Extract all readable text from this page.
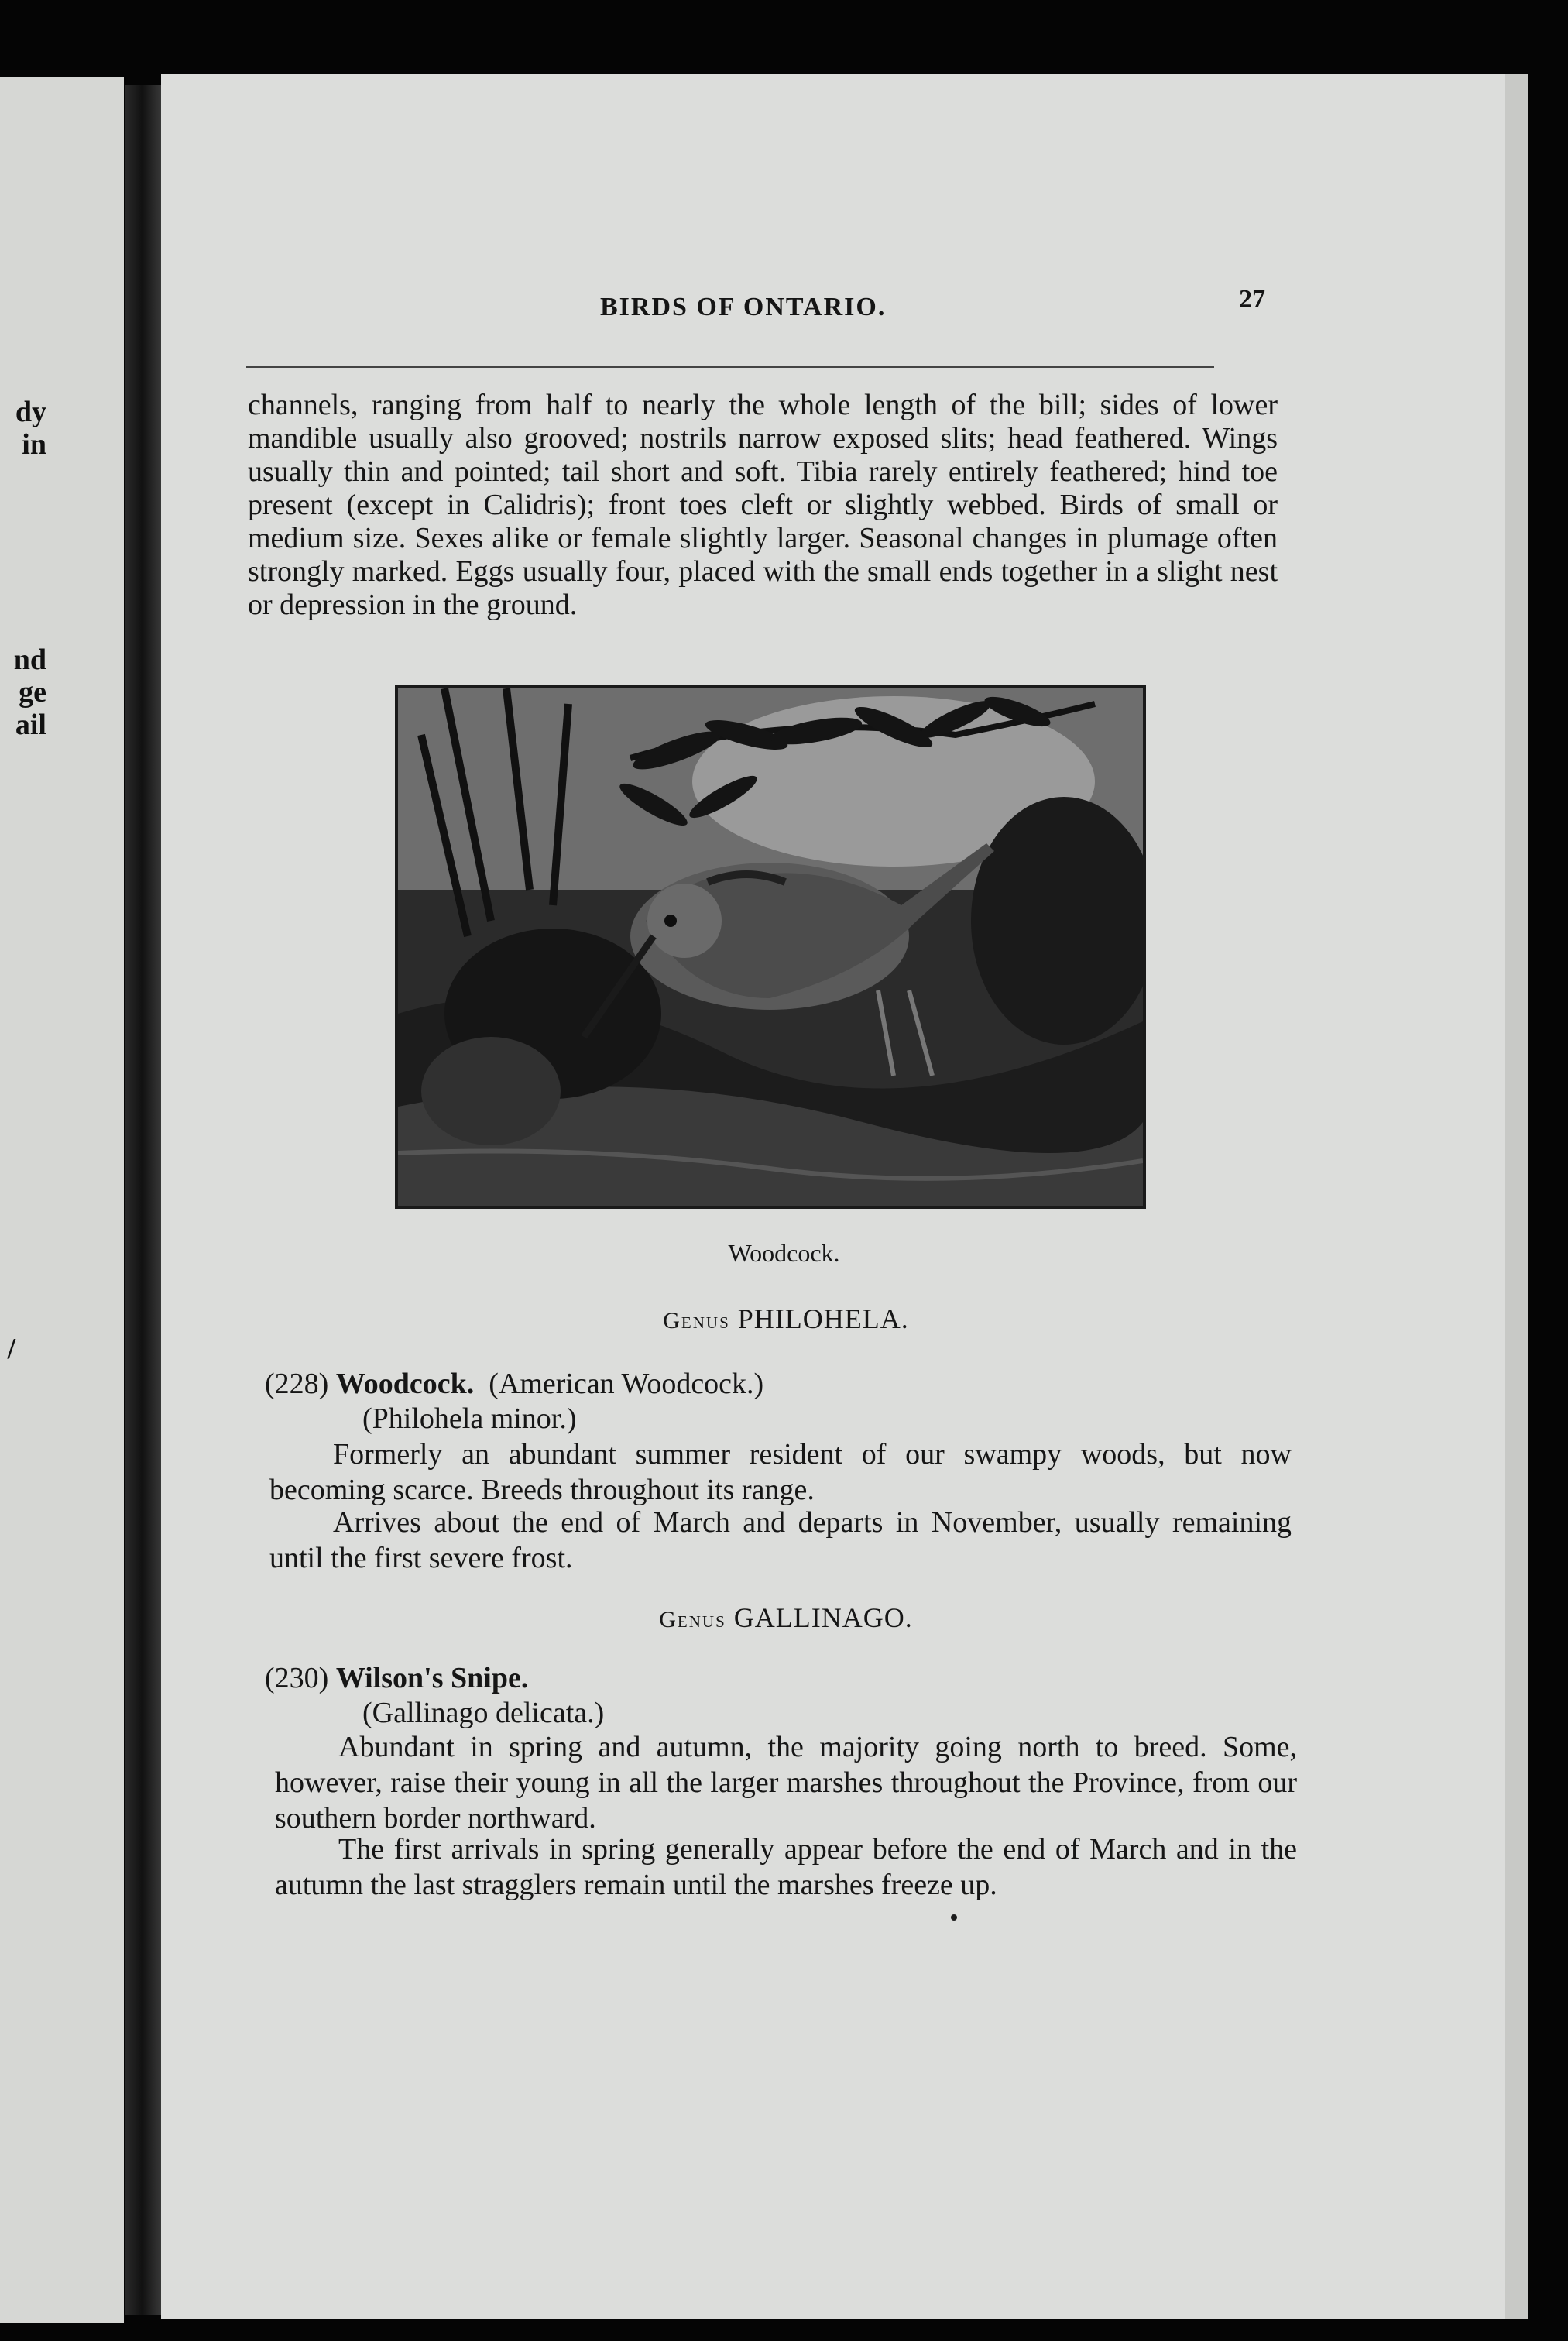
dy
in
nd
ge
ail
/
BIRDS OF ONTARIO.	27
channels, ranging from half to nearly the whole length of the bill; sides of lower mandible usually also grooved; nostrils narrow exposed slits; head feathered. Wings usually thin and pointed; tail short and soft. Tibia rarely entirely feathered; hind toe present (except in Calidris); front toes cleft or slightly webbed. Birds of small or medium size. Sexes alike or female slightly larger. Seasonal changes in plumage often strongly marked. Eggs usually four, placed with the small ends together in a slight nest or depression in the ground.
Woodcock.
Genus PHILOHELA.
(228) Woodcock. (American Woodcock.)
(Philohela minor.)
Formerly an abundant summer resident of our swampy woods, but now becoming scarce. Breeds throughout its range.
Arrives about the end of March and departs in November, usually remaining until the first severe frost.
Genus GALLINAGO.
(230) Wilson's Snipe.
(Gallinago delicata.)
Abundant in spring and autumn, the majority going north to breed. Some, however, raise their young in all the larger marshes throughout the Province, from our southern border northward.
The first arrivals in spring generally appear before the end of March and in the autumn the last stragglers remain until the marshes freeze up.
